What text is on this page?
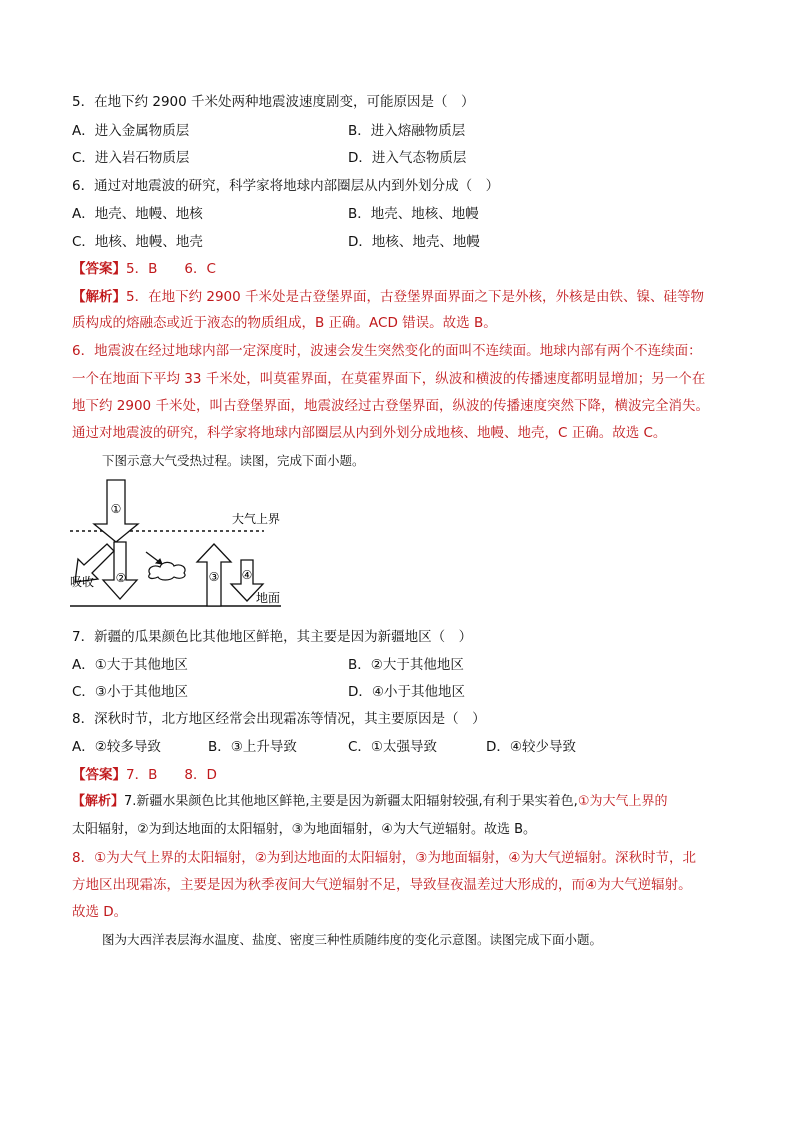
5．在地下约 2900 千米处两种地震波速度剧变，可能原因是（　）
A．进入金属物质层	B．进入熔融物质层
C．进入岩石物质层	D．进入气态物质层
6．通过对地震波的研究，科学家将地球内部圈层从内到外划分成（　）
A．地壳、地幔、地核	B．地壳、地核、地幔
C．地核、地幔、地壳	D．地核、地壳、地幔
【答案】5．B　　6．C
【解析】5．在地下约 2900 千米处是古登堡界面，古登堡界面界面之下是外核，外核是由铁、镍、硅等物
质构成的熔融态或近于液态的物质组成，B 正确。ACD 错误。故选 B。
6．地震波在经过地球内部一定深度时，波速会发生突然变化的面叫不连续面。地球内部有两个不连续面：
一个在地面下平均 33 千米处，叫莫霍界面，在莫霍界面下，纵波和横波的传播速度都明显增加；另一个在
地下约 2900 千米处，叫古登堡界面，地震波经过古登堡界面，纵波的传播速度突然下降，横波完全消失。
通过对地震波的研究，科学家将地球内部圈层从内到外划分成地核、地幔、地壳，C 正确。故选 C。
下图示意大气受热过程。读图，完成下面小题。
①
②	③ ④
大气上界
地面
吸收
7．新疆的瓜果颜色比其他地区鲜艳，其主要是因为新疆地区（　）
A．①大于其他地区	B．②大于其他地区
C．③小于其他地区	D．④小于其他地区
8．深秋时节，北方地区经常会出现霜冻等情况，其主要原因是（　）
A．②较多导致	B．③上升导致	C．①太强导致	D．④较少导致
【答案】7．B　　8．D
【解析】7.新疆水果颜色比其他地区鲜艳,主要是因为新疆太阳辐射较强,有利于果实着色,①为大气上界的
太阳辐射，②为到达地面的太阳辐射，③为地面辐射，④为大气逆辐射。故选 B。
8．①为大气上界的太阳辐射，②为到达地面的太阳辐射，③为地面辐射，④为大气逆辐射。深秋时节，北
方地区出现霜冻，主要是因为秋季夜间大气逆辐射不足，导致昼夜温差过大形成的，而④为大气逆辐射。
故选 D。
图为大西洋表层海水温度、盐度、密度三种性质随纬度的变化示意图。读图完成下面小题。
